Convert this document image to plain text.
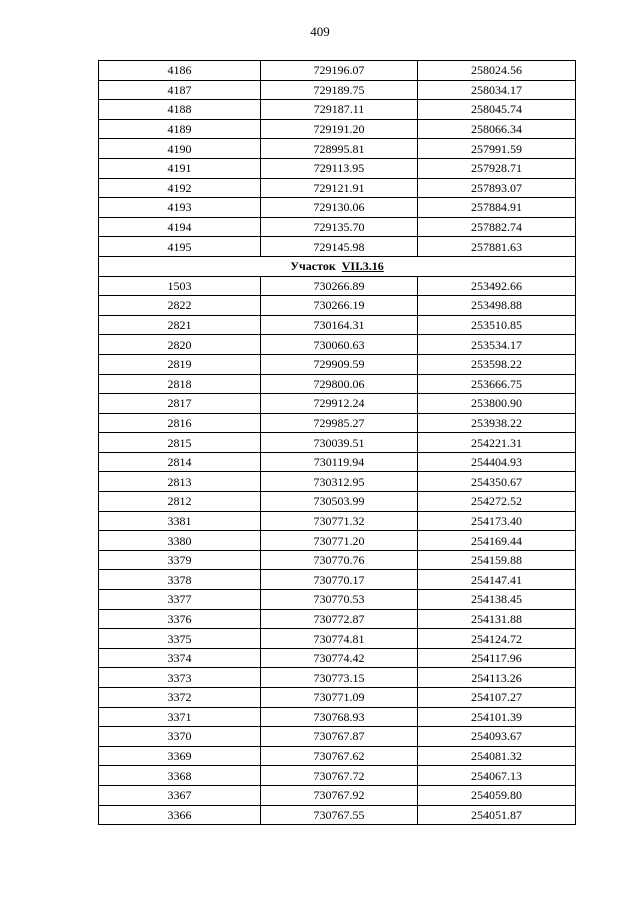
409
4186	729196.07	258024.56
4187	729189.75	258034.17
4188	729187.11	258045.74
4189	729191.20	258066.34
4190	728995.81	257991.59
4191	729113.95	257928.71
4192	729121.91	257893.07
4193	729130.06	257884.91
4194	729135.70	257882.74
4195	729145.98	257881.63
Участок VII.3.16		
1503	730266.89	253492.66
2822	730266.19	253498.88
2821	730164.31	253510.85
2820	730060.63	253534.17
2819	729909.59	253598.22
2818	729800.06	253666.75
2817	729912.24	253800.90
2816	729985.27	253938.22
2815	730039.51	254221.31
2814	730119.94	254404.93
2813	730312.95	254350.67
2812	730503.99	254272.52
3381	730771.32	254173.40
3380	730771.20	254169.44
3379	730770.76	254159.88
3378	730770.17	254147.41
3377	730770.53	254138.45
3376	730772.87	254131.88
3375	730774.81	254124.72
3374	730774.42	254117.96
3373	730773.15	254113.26
3372	730771.09	254107.27
3371	730768.93	254101.39
3370	730767.87	254093.67
3369	730767.62	254081.32
3368	730767.72	254067.13
3367	730767.92	254059.80
3366	730767.55	254051.87
